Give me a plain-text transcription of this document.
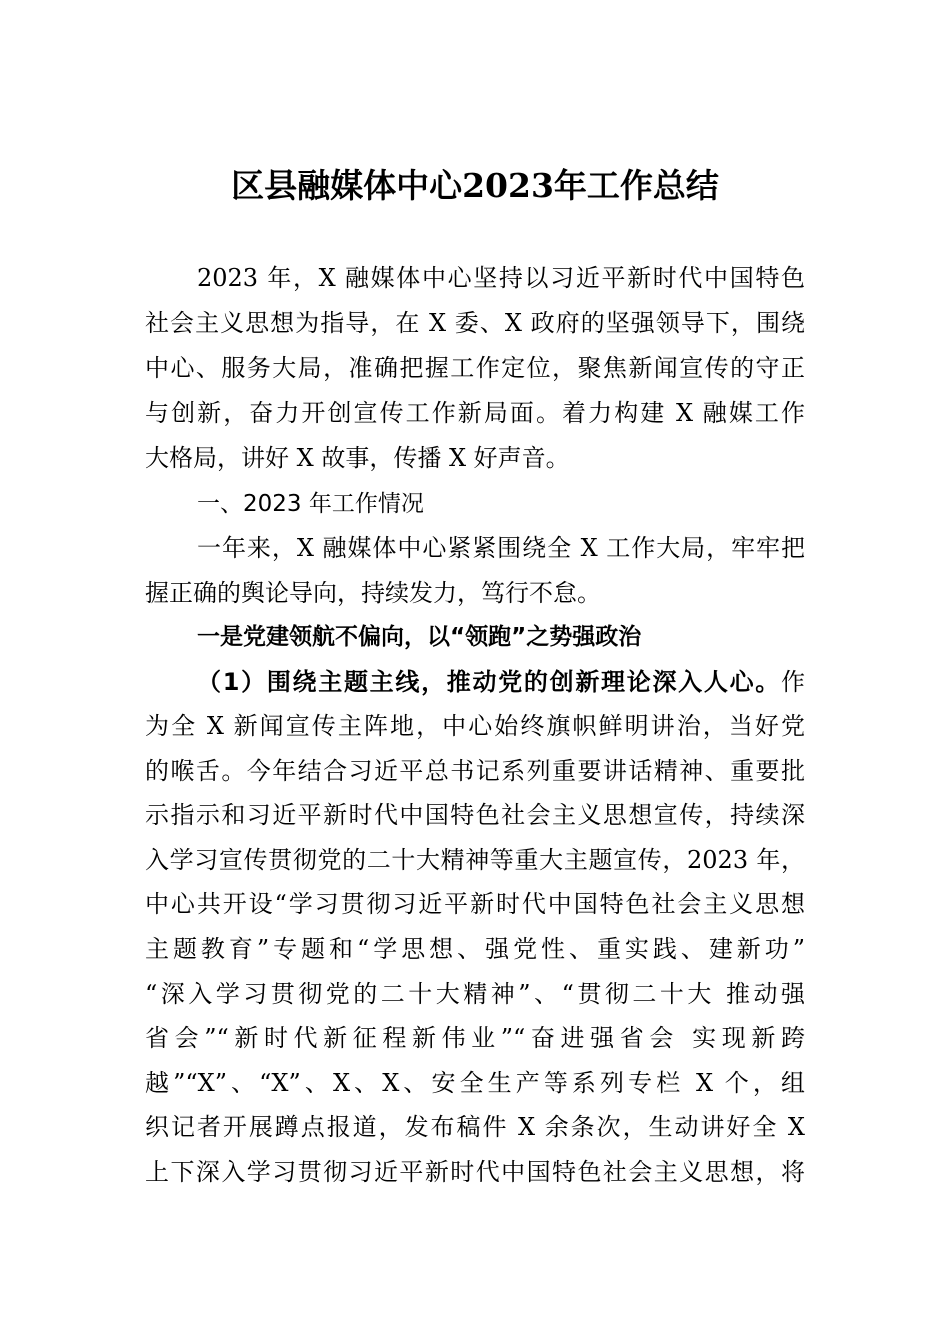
区县融媒体中心2023年工作总结
2023 年，X 融媒体中心坚持以习近平新时代中国特色
社会主义思想为指导，在 X 委、X 政府的坚强领导下，围绕
中心、服务大局，准确把握工作定位，聚焦新闻宣传的守正
与创新，奋力开创宣传工作新局面。着力构建 X 融媒工作
大格局，讲好 X 故事，传播 X 好声音。
一、2023 年工作情况
一年来，X 融媒体中心紧紧围绕全 X 工作大局，牢牢把
握正确的舆论导向，持续发力，笃行不怠。
一是党建领航不偏向，以“领跑”之势强政治
（1）围绕主题主线，推动党的创新理论深入人心。作
为全 X 新闻宣传主阵地，中心始终旗帜鲜明讲治，当好党
的喉舌。今年结合习近平总书记系列重要讲话精神、重要批
示指示和习近平新时代中国特色社会主义思想宣传，持续深
入学习宣传贯彻党的二十大精神等重大主题宣传，2023 年，
中心共开设“学习贯彻习近平新时代中国特色社会主义思想
主题教育”专题和“学思想、强党性、重实践、建新功”
“深入学习贯彻党的二十大精神”、“贯彻二十大 推动强
省会”“新时代新征程新伟业”“奋进强省会 实现新跨
越”“X”、“X”、X、X、安全生产等系列专栏 X 个，组
织记者开展蹲点报道，发布稿件 X 余条次，生动讲好全 X
上下深入学习贯彻习近平新时代中国特色社会主义思想，将
